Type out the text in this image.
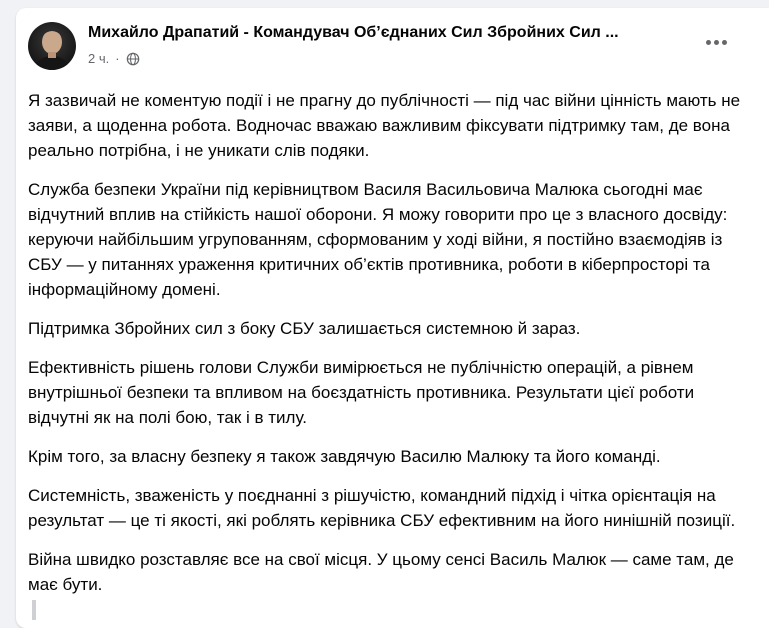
Михайло Драпатий - Командувач Об’єднаних Сил Збройних Сил ...
2 ч. ·

Я зазвичай не коментую події і не прагну до публічності — під час війни цінність мають не заяви, а щоденна робота. Водночас вважаю важливим фіксувати підтримку там, де вона реально потрібна, і не уникати слів подяки.

Служба безпеки України під керівництвом Василя Васильовича Малюка сьогодні має відчутний вплив на стійкість нашої оборони. Я можу говорити про це з власного досвіду: керуючи найбільшим угрупованням, сформованим у ході війни, я постійно взаємодіяв із СБУ — у питаннях ураження критичних об’єктів противника, роботи в кіберпросторі та інформаційному домені.

Підтримка Збройних сил з боку СБУ залишається системною й зараз.

Ефективність рішень голови Служби вимірюється не публічністю операцій, а рівнем внутрішньої безпеки та впливом на боєздатність противника. Результати цієї роботи відчутні як на полі бою, так і в тилу.

Крім того, за власну безпеку я також завдячую Василю Малюку та його команді.

Системність, зваженість у поєднанні з рішучістю, командний підхід і чітка орієнтація на результат — це ті якості, які роблять керівника СБУ ефективним на його нинішній позиції.

Війна швидко розставляє все на свої місця. У цьому сенсі Василь Малюк — саме там, де має бути.
